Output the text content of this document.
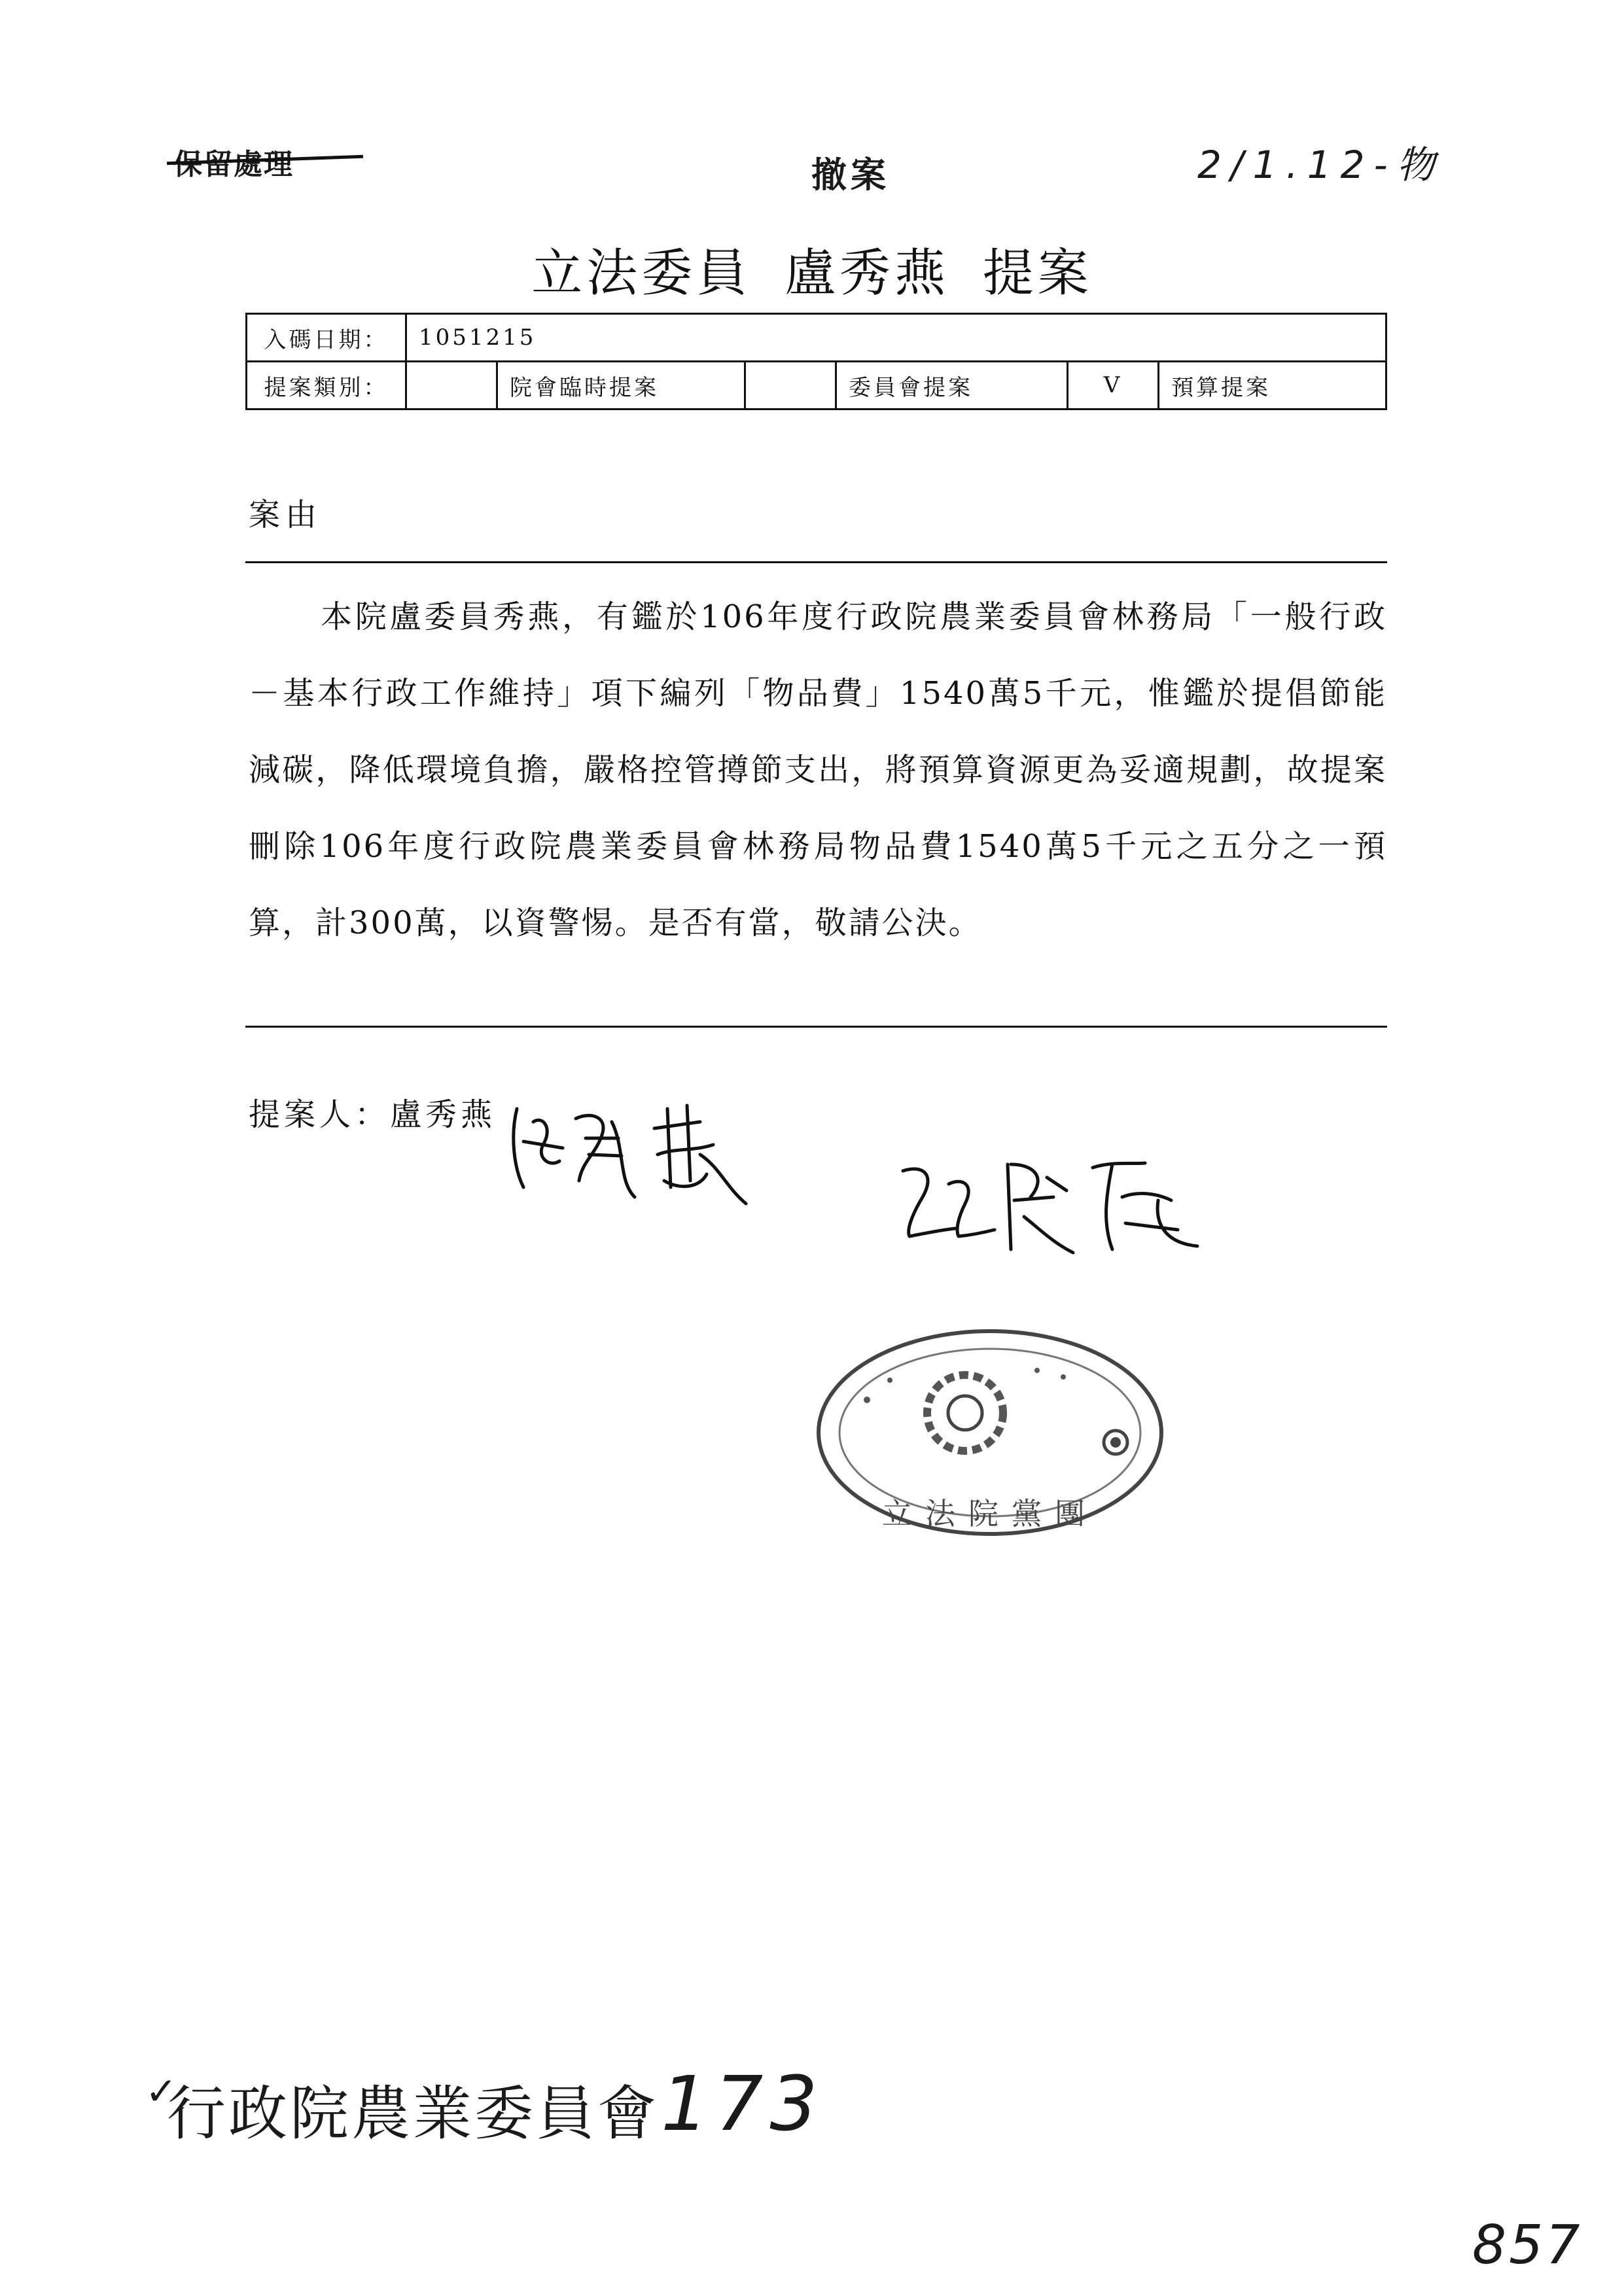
保留處理	撤案	2/1.12-物
立法委員 盧秀燕 提案
入碼日期：	1051215					
提案類別：		院會臨時提案		委員會提案	V	預算提案
案由
本院盧委員秀燕，有鑑於106年度行政院農業委員會林務局「一般行政－基本行政工作維持」項下編列「物品費」1540萬5千元，惟鑑於提倡節能減碳，降低環境負擔，嚴格控管撙節支出，將預算資源更為妥適規劃，故提案刪除106年度行政院農業委員會林務局物品費1540萬5千元之五分之一預算，計300萬，以資警惕。是否有當，敬請公決。
提案人：盧秀燕
立法院黨團
✓
行政院農業委員會 173
857
